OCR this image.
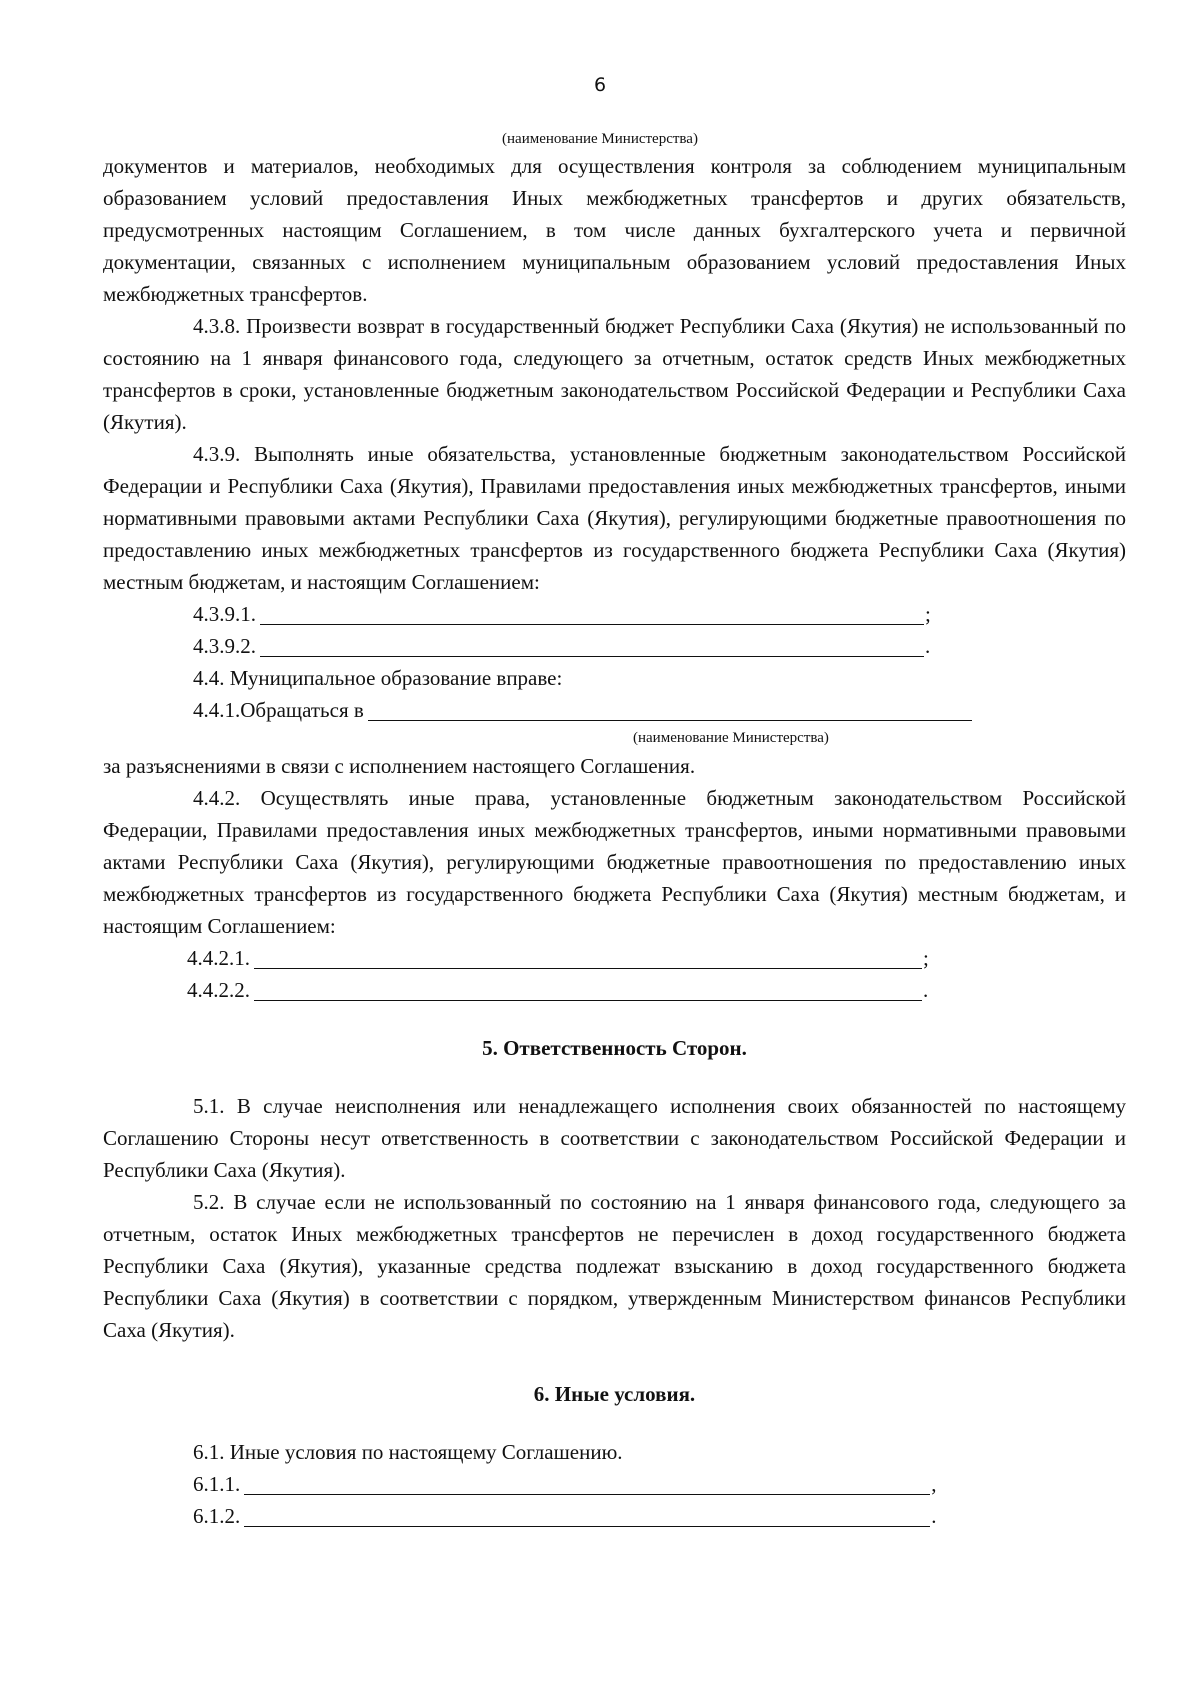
6
(наименование Министерства)

документов и материалов, необходимых для осуществления контроля за соблюдением муниципальным образованием условий предоставления Иных межбюджетных трансфертов и других обязательств, предусмотренных настоящим Соглашением, в том числе данных бухгалтерского учета и первичной документации, связанных с исполнением муниципальным образованием условий предоставления Иных межбюджетных трансфертов.

4.3.8. Произвести возврат в государственный бюджет Республики Саха (Якутия) не использованный по состоянию на 1 января финансового года, следующего за отчетным, остаток средств Иных межбюджетных трансфертов в сроки, установленные бюджетным законодательством Российской Федерации и Республики Саха (Якутия).

4.3.9. Выполнять иные обязательства, установленные бюджетным законодательством Российской Федерации и Республики Саха (Якутия), Правилами предоставления иных межбюджетных трансфертов, иными нормативными правовыми актами Республики Саха (Якутия), регулирующими бюджетные правоотношения по предоставлению иных межбюджетных трансфертов из государственного бюджета Республики Саха (Якутия) местным бюджетам, и настоящим Соглашением:

4.3.9.1.	;
4.3.9.2.	.

4.4. Муниципальное образование вправе:

4.4.1.Обращаться в
(наименование Министерства)

за разъяснениями в связи с исполнением настоящего Соглашения.

4.4.2. Осуществлять иные права, установленные бюджетным законодательством Российской Федерации, Правилами предоставления иных межбюджетных трансфертов, иными нормативными правовыми актами Республики Саха (Якутия), регулирующими бюджетные правоотношения по предоставлению иных межбюджетных трансфертов из государственного бюджета Республики Саха (Якутия) местным бюджетам, и настоящим Соглашением:

4.4.2.1.	;
4.4.2.2.	.

5. Ответственность Сторон.

5.1. В случае неисполнения или ненадлежащего исполнения своих обязанностей по настоящему Соглашению Стороны несут ответственность в соответствии с законодательством Российской Федерации и Республики Саха (Якутия).

5.2. В случае если не использованный по состоянию на 1 января финансового года, следующего за отчетным, остаток Иных межбюджетных трансфертов не перечислен в доход государственного бюджета Республики Саха (Якутия), указанные средства подлежат взысканию в доход государственного бюджета Республики Саха (Якутия) в соответствии с порядком, утвержденным Министерством финансов Республики Саха (Якутия).

6. Иные условия.

6.1. Иные условия по настоящему Соглашению.

6.1.1.	,
6.1.2.	.
